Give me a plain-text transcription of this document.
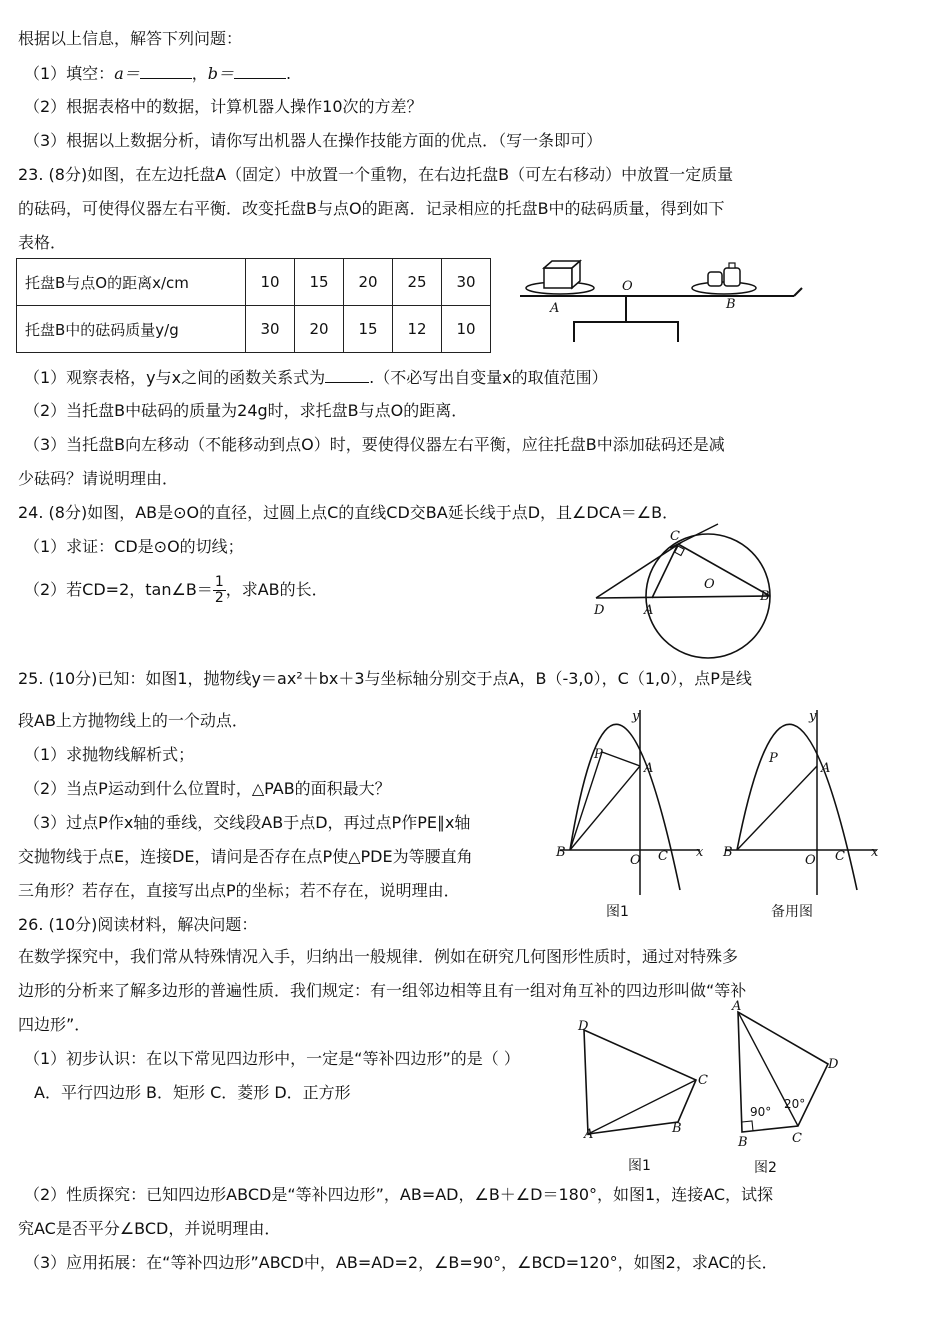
根据以上信息，解答下列问题：
（1）填空：a＝	，b＝	.
（2）根据表格中的数据，计算机器人操作10次的方差？
（3）根据以上数据分析，请你写出机器人在操作技能方面的优点．（写一条即可）
23. (8分)如图，在左边托盘A（固定）中放置一个重物，在右边托盘B（可左右移动）中放置一定质量
的砝码，可使得仪器左右平衡．改变托盘B与点O的距离．记录相应的托盘B中的砝码质量，得到如下
表格．
托盘B与点O的距离x/cm	10	15	20	25	30
托盘B中的砝码质量y/g	30	20	15	12	10
A
O
B
（1）观察表格，y与x之间的函数关系式为	.（不必写出自变量x的取值范围）
（2）当托盘B中砝码的质量为24g时，求托盘B与点O的距离．
（3）当托盘B向左移动（不能移动到点O）时，要使得仪器左右平衡，应往托盘B中添加砝码还是减
少砝码？请说明理由．
24. (8分)如图，AB是⊙O的直径，过圆上点C的直线CD交BA延长线于点D，且∠DCA＝∠B．
（1）求证：CD是⊙O的切线；
（2）若CD=2，tan∠B＝ $\frac{1}{2}$ ，求AB的长．
C
D	A
O
B
25. (10分)已知：如图1，抛物线y＝ax²＋bx＋3与坐标轴分别交于点A，B（-3,0），C（1,0），点P是线
段AB上方抛物线上的一个动点．
（1）求抛物线解析式；
（2）当点P运动到什么位置时，△PAB的面积最大？
（3）过点P作x轴的垂线，交线段AB于点D，再过点P作PE∥x轴
交抛物线于点E，连接DE，请问是否存在点P使△PDE为等腰直角
三角形？若存在，直接写出点P的坐标；若不存在，说明理由．
y
x
P
A
B
O C
图1
y
x
P
A
B
O C
备用图
26. (10分)阅读材料，解决问题：
在数学探究中，我们常从特殊情况入手，归纳出一般规律．例如在研究几何图形性质时，通过对特殊多
边形的分析来了解多边形的普遍性质．我们规定：有一组邻边相等且有一组对角互补的四边形叫做“等补
四边形”．
（1）初步认识：在以下常见四边形中，一定是“等补四边形”的是（ ）
A．平行四边形 B．矩形 C．菱形 D．正方形
D
A	B
C
图1
A
B	C
D
90°
20°
图2
（2）性质探究：已知四边形ABCD是“等补四边形”，AB=AD，∠B＋∠D＝180°，如图1，连接AC，试探
究AC是否平分∠BCD，并说明理由．
（3）应用拓展：在“等补四边形”ABCD中，AB=AD=2，∠B=90°，∠BCD=120°，如图2，求AC的长．
